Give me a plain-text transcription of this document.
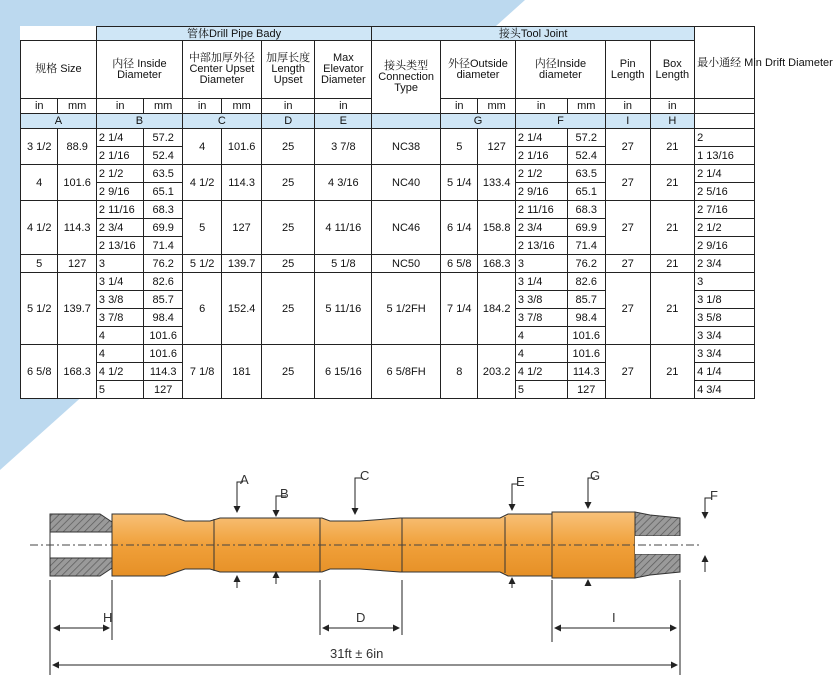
		管体Drill Pipe Bady						接头Tool Joint							最小通经 Min Drift Diameter
规格 Size		内径 Inside Diameter		中部加厚外径 Center Upset Diameter		加厚长度 Length Upset	Max Elevator Diameter	接头类型 Connection Type	外径Outside diameter		内径Inside diameter		Pin Length	Box Length	
in	mm	in	mm	in	mm	in	in		in	mm	in	mm	in	in	
A		B		C		D	E		G		F		I	H	
3 1/2	88.9	2 1/4	57.2	4	101.6	25	3 7/8	NC38	5	127	2 1/4	57.2	27	21	2
		2 1/16	52.4								2 1/16	52.4			1 13/16
4	101.6	2 1/2	63.5	4 1/2	114.3	25	4 3/16	NC40	5 1/4	133.4	2 1/2	63.5	27	21	2 1/4
		2 9/16	65.1								2 9/16	65.1			2 5/16
4 1/2	114.3	2 11/16	68.3	5	127	25	4 11/16	NC46	6 1/4	158.8	2 11/16	68.3	27	21	2 7/16
		2 3/4	69.9								2 3/4	69.9			2 1/2
		2 13/16	71.4								2 13/16	71.4			2 9/16
5	127	3	76.2	5 1/2	139.7	25	5 1/8	NC50	6 5/8	168.3	3	76.2	27	21	2 3/4
5 1/2	139.7	3 1/4	82.6	6	152.4	25	5 11/16	5 1/2FH	7 1/4	184.2	3 1/4	82.6	27	21	3
		3 3/8	85.7								3 3/8	85.7			3 1/8
		3 7/8	98.4								3 7/8	98.4			3 5/8
		4	101.6								4	101.6			3 3/4
6 5/8	168.3	4	101.6	7 1/8	181	25	6 15/16	6 5/8FH	8	203.2	4	101.6	27	21	3 3/4
		4 1/2	114.3								4 1/2	114.3			4 1/4
		5	127								5	127			4 3/4
A
B
C	E	G
F
H	D	I
31ft ± 6in
